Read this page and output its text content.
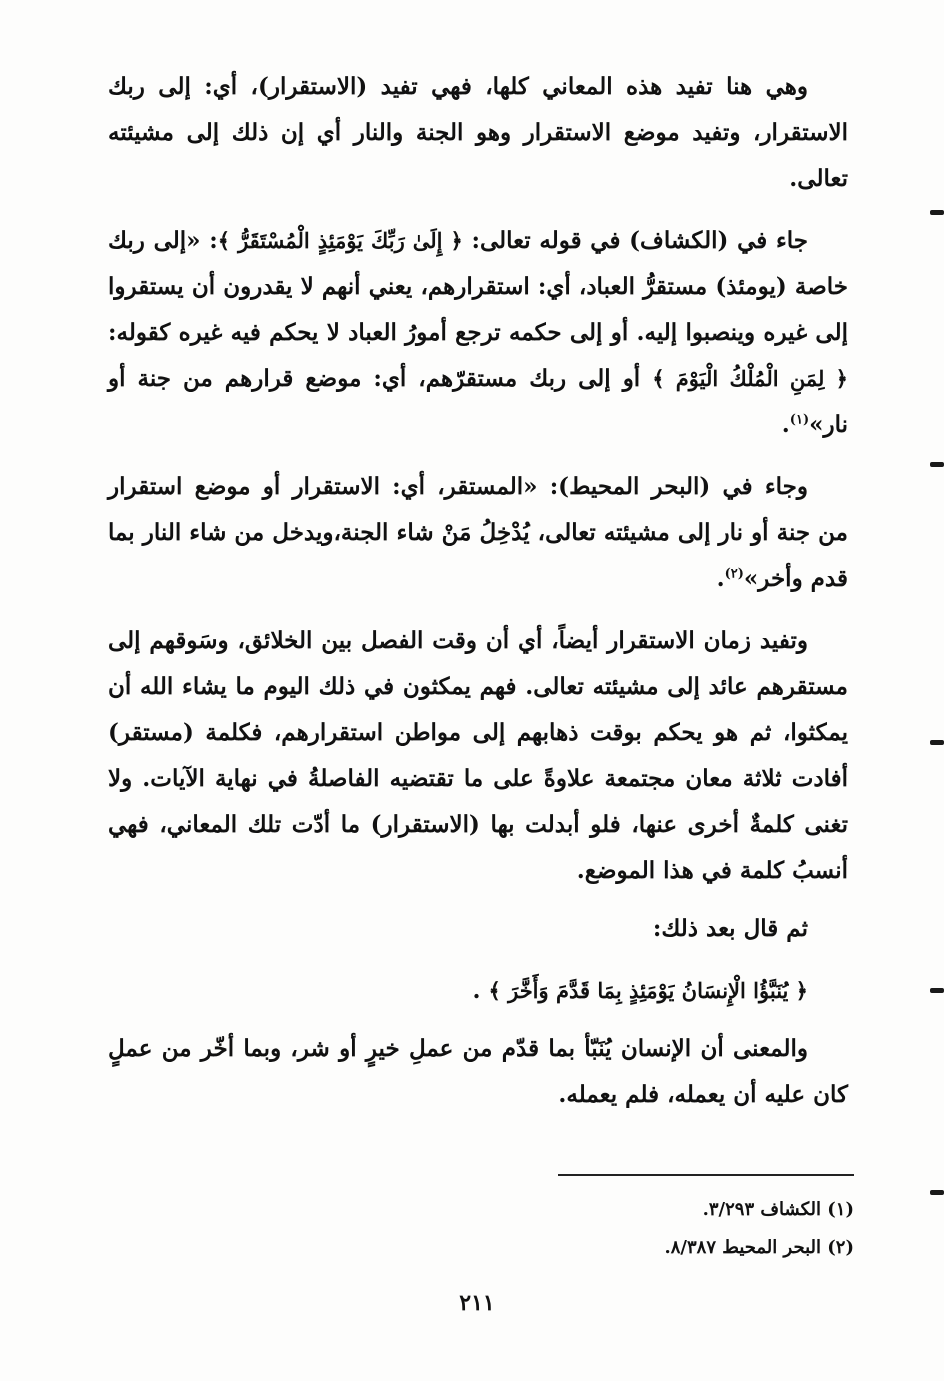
وهي هنا تفيد هذه المعاني كلها، فهي تفيد (الاستقرار)، أي: إلى ربك الاستقرار، وتفيد موضع الاستقرار وهو الجنة والنار أي إن ذلك إلى مشيئته تعالى.

جاء في (الكشاف) في قوله تعالى: ﴿ إِلَىٰ رَبِّكَ يَوْمَئِذٍ الْمُسْتَقَرُّ ﴾: «إلى ربك خاصة (يومئذ) مستقرُّ العباد، أي: استقرارهم، يعني أنهم لا يقدرون أن يستقروا إلى غيره وينصبوا إليه. أو إلى حكمه ترجع أمورُ العباد لا يحكم فيه غيره كقوله: ﴿ لِمَنِ الْمُلْكُ الْيَوْمَ ﴾ أو إلى ربك مستقرّهم، أي: موضع قرارهم من جنة أو نار»$^{(١)}$.

وجاء في (البحر المحيط): «المستقر، أي: الاستقرار أو موضع استقرار من جنة أو نار إلى مشيئته تعالى، يُدْخِلُ مَنْ شاء الجنة،ويدخل من شاء النار بما قدم وأخر»$^{(٢)}$.

وتفيد زمان الاستقرار أيضاً، أي أن وقت الفصل بين الخلائق، وسَوقهم إلى مستقرهم عائد إلى مشيئته تعالى. فهم يمكثون في ذلك اليوم ما يشاء الله أن يمكثوا، ثم هو يحكم بوقت ذهابهم إلى مواطن استقرارهم، فكلمة (مستقر) أفادت ثلاثة معان مجتمعة علاوةً على ما تقتضيه الفاصلةُ في نهاية الآيات. ولا تغنى كلمةٌ أخرى عنها، فلو أبدلت بها (الاستقرار) ما أدّت تلك المعاني، فهي أنسبُ كلمة في هذا الموضع.

ثم قال بعد ذلك:

﴿ يُنَبَّؤُا الْإِنسَانُ يَوْمَئِذٍ بِمَا قَدَّمَ وَأَخَّرَ ﴾ .

والمعنى أن الإنسان يُنَبّأ بما قدّم من عملِ خيرٍ أو شر، وبما أخّر من عملٍ كان عليه أن يعمله، فلم يعمله.

(١) الكشاف ٣/٢٩٣.
(٢) البحر المحيط ٨/٣٨٧.
٢١١
